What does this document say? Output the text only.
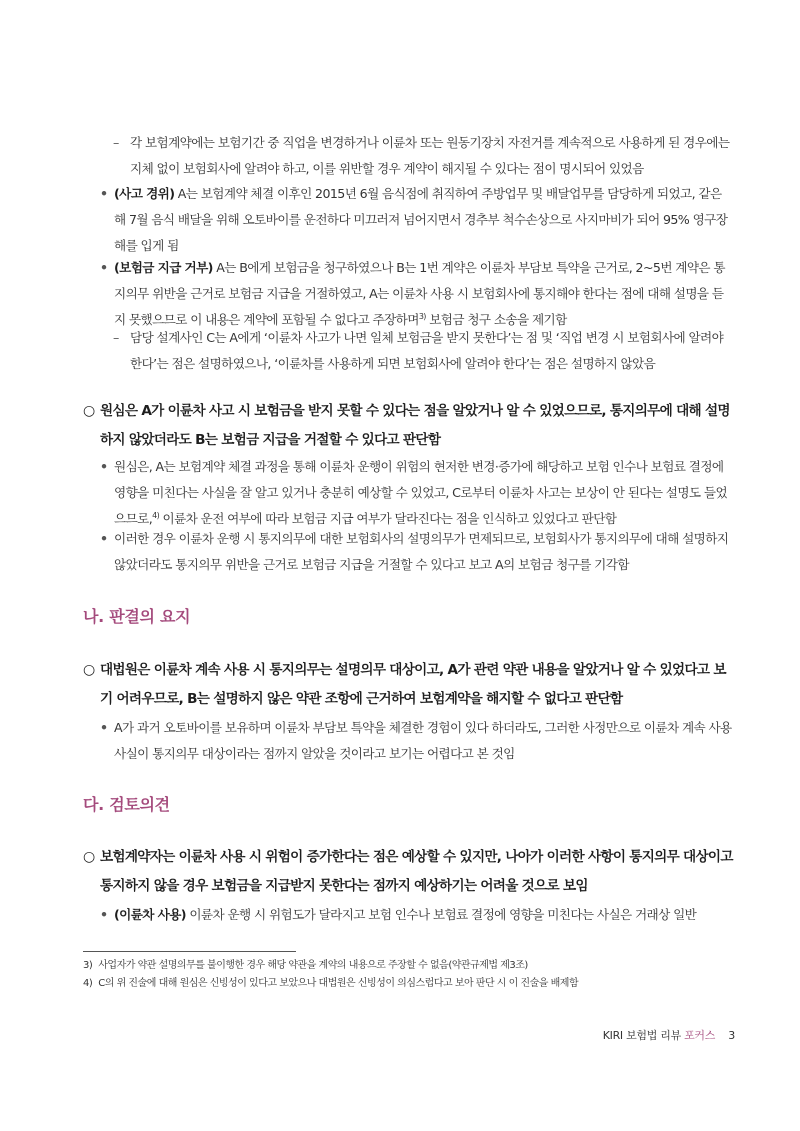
– 각 보험계약에는 보험기간 중 직업을 변경하거나 이륜차 또는 원동기장치 자전거를 계속적으로 사용하게 된 경우에는 지체 없이 보험회사에 알려야 하고, 이를 위반할 경우 계약이 해지될 수 있다는 점이 명시되어 있었음

• (사고 경위) A는 보험계약 체결 이후인 2015년 6월 음식점에 취직하여 주방업무 및 배달업무를 담당하게 되었고, 같은 해 7월 음식 배달을 위해 오토바이를 운전하다 미끄러져 넘어지면서 경추부 척수손상으로 사지마비가 되어 95% 영구장해를 입게 됨

• (보험금 지급 거부) A는 B에게 보험금을 청구하였으나 B는 1번 계약은 이륜차 부담보 특약을 근거로, 2~5번 계약은 통지의무 위반을 근거로 보험금 지급을 거절하였고, A는 이륜차 사용 시 보험회사에 통지해야 한다는 점에 대해 설명을 듣지 못했으므로 이 내용은 계약에 포함될 수 없다고 주장하며$^{3)}$ 보험금 청구 소송을 제기함

– 담당 설계사인 C는 A에게 ‘이륜차 사고가 나면 일체 보험금을 받지 못한다’는 점 및 ‘직업 변경 시 보험회사에 알려야 한다’는 점은 설명하였으나, ‘이륜차를 사용하게 되면 보험회사에 알려야 한다’는 점은 설명하지 않았음

○ 원심은 A가 이륜차 사고 시 보험금을 받지 못할 수 있다는 점을 알았거나 알 수 있었으므로, 통지의무에 대해 설명하지 않았더라도 B는 보험금 지급을 거절할 수 있다고 판단함

• 원심은, A는 보험계약 체결 과정을 통해 이륜차 운행이 위험의 현저한 변경·증가에 해당하고 보험 인수나 보험료 결정에 영향을 미친다는 사실을 잘 알고 있거나 충분히 예상할 수 있었고, C로부터 이륜차 사고는 보상이 안 된다는 설명도 들었으므로,$^{4)}$ 이륜차 운전 여부에 따라 보험금 지급 여부가 달라진다는 점을 인식하고 있었다고 판단함

• 이러한 경우 이륜차 운행 시 통지의무에 대한 보험회사의 설명의무가 면제되므로, 보험회사가 통지의무에 대해 설명하지 않았더라도 통지의무 위반을 근거로 보험금 지급을 거절할 수 있다고 보고 A의 보험금 청구를 기각함

나. 판결의 요지
○ 대법원은 이륜차 계속 사용 시 통지의무는 설명의무 대상이고, A가 관련 약관 내용을 알았거나 알 수 있었다고 보기 어려우므로, B는 설명하지 않은 약관 조항에 근거하여 보험계약을 해지할 수 없다고 판단함

• A가 과거 오토바이를 보유하며 이륜차 부담보 특약을 체결한 경험이 있다 하더라도, 그러한 사정만으로 이륜차 계속 사용 사실이 통지의무 대상이라는 점까지 알았을 것이라고 보기는 어렵다고 본 것임

다. 검토의견
○ 보험계약자는 이륜차 사용 시 위험이 증가한다는 점은 예상할 수 있지만, 나아가 이러한 사항이 통지의무 대상이고 통지하지 않을 경우 보험금을 지급받지 못한다는 점까지 예상하기는 어려울 것으로 보임

• (이륜차 사용) 이륜차 운행 시 위험도가 달라지고 보험 인수나 보험료 결정에 영향을 미친다는 사실은 거래상 일반

3) 사업자가 약관 설명의무를 불이행한 경우 해당 약관을 계약의 내용으로 주장할 수 없음(약관규제법 제3조)
4) C의 위 진술에 대해 원심은 신빙성이 있다고 보았으나 대법원은 신빙성이 의심스럽다고 보아 판단 시 이 진술을 배제함
KIRI 보험법 리뷰 포커스 3
